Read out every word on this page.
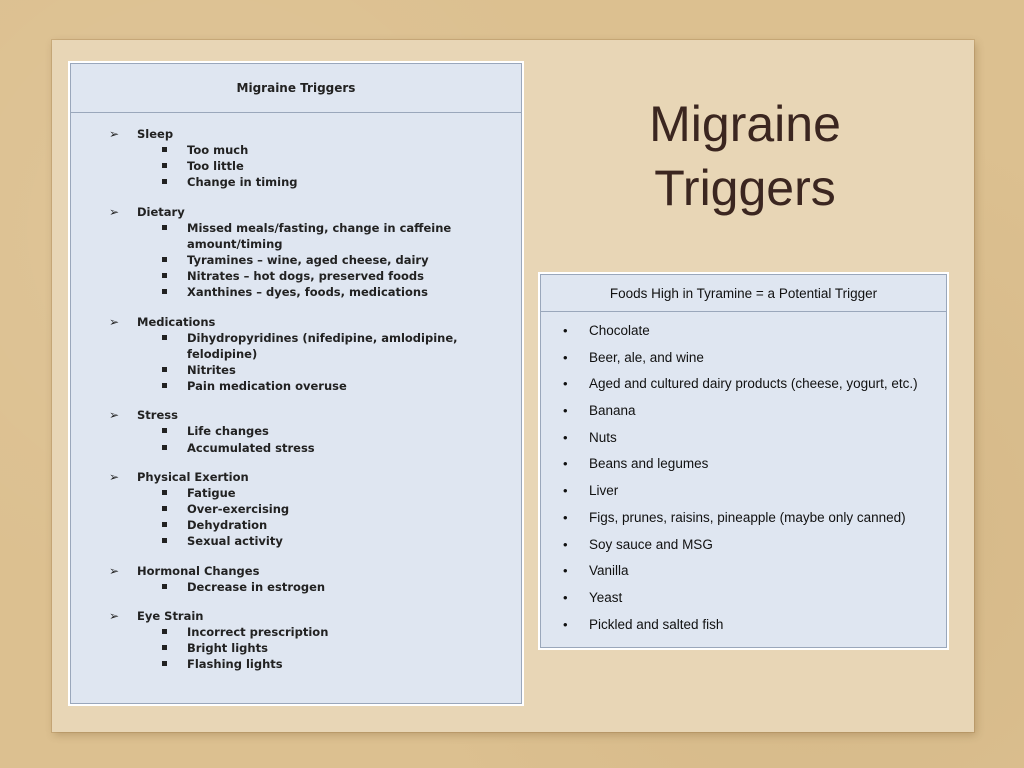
Migraine
Triggers
Migraine Triggers
➢ Sleep
Too much
Too little
Change in timing
➢ Dietary
Missed meals/fasting, change in caffeine amount/timing
Tyramines – wine, aged cheese, dairy
Nitrates – hot dogs, preserved foods
Xanthines – dyes, foods, medications
➢ Medications
Dihydropyridines (nifedipine, amlodipine, felodipine)
Nitrites
Pain medication overuse
➢ Stress
Life changes
Accumulated stress
➢ Physical Exertion
Fatigue
Over-exercising
Dehydration
Sexual activity
➢ Hormonal Changes
Decrease in estrogen
➢ Eye Strain
Incorrect prescription
Bright lights
Flashing lights
Foods High in Tyramine = a Potential Trigger
• Chocolate
• Beer, ale, and wine
• Aged and cultured dairy products (cheese, yogurt, etc.)
• Banana
• Nuts
• Beans and legumes
• Liver
• Figs, prunes, raisins, pineapple (maybe only canned)
• Soy sauce and MSG
• Vanilla
• Yeast
• Pickled and salted fish
